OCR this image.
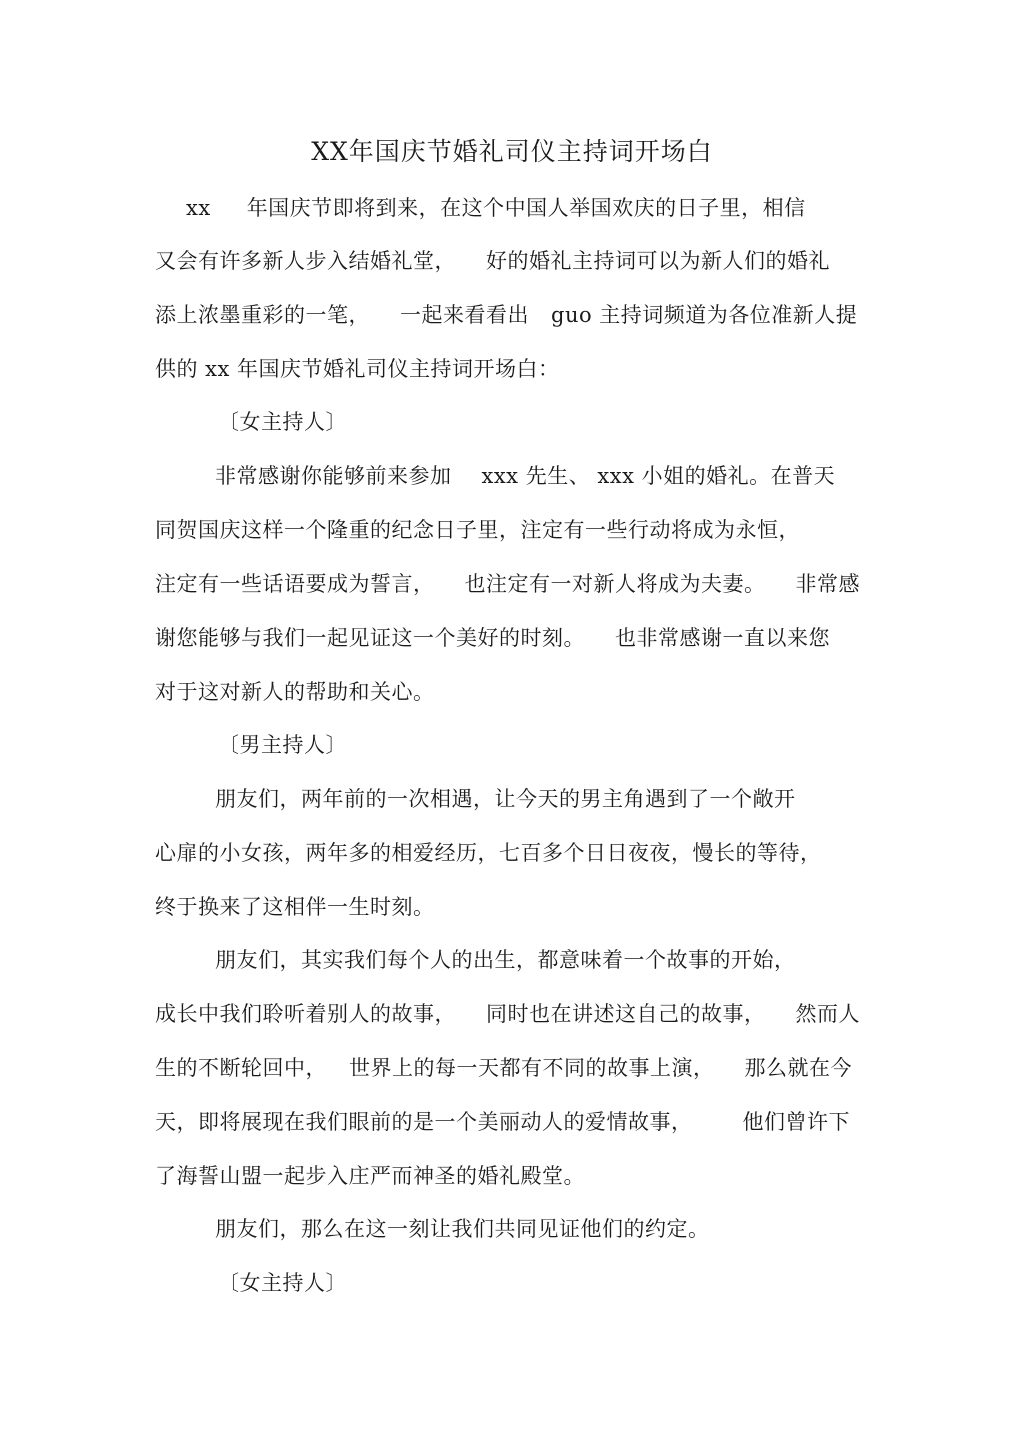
XX年国庆节婚礼司仪主持词开场白
xx 年国庆节即将到来，在这个中国人举国欢庆的日子里，相信
又会有许多新人步入结婚礼堂， 好的婚礼主持词可以为新人们的婚礼
添上浓墨重彩的一笔， 一起来看看出 guo 主持词频道为各位准新人提
供的 xx 年国庆节婚礼司仪主持词开场白：
〔女主持人〕
非常感谢你能够前来参加 xxx 先生、 xxx 小姐的婚礼。在普天
同贺国庆这样一个隆重的纪念日子里，注定有一些行动将成为永恒，
注定有一些话语要成为誓言， 也注定有一对新人将成为夫妻。 非常感
谢您能够与我们一起见证这一个美好的时刻。 也非常感谢一直以来您
对于这对新人的帮助和关心。
〔男主持人〕
朋友们，两年前的一次相遇，让今天的男主角遇到了一个敞开
心扉的小女孩，两年多的相爱经历，七百多个日日夜夜，慢长的等待，
终于换来了这相伴一生时刻。
朋友们，其实我们每个人的出生，都意味着一个故事的开始，
成长中我们聆听着别人的故事， 同时也在讲述这自己的故事， 然而人
生的不断轮回中， 世界上的每一天都有不同的故事上演， 那么就在今
天，即将展现在我们眼前的是一个美丽动人的爱情故事， 他们曾许下
了海誓山盟一起步入庄严而神圣的婚礼殿堂。
朋友们，那么在这一刻让我们共同见证他们的约定。
〔女主持人〕
